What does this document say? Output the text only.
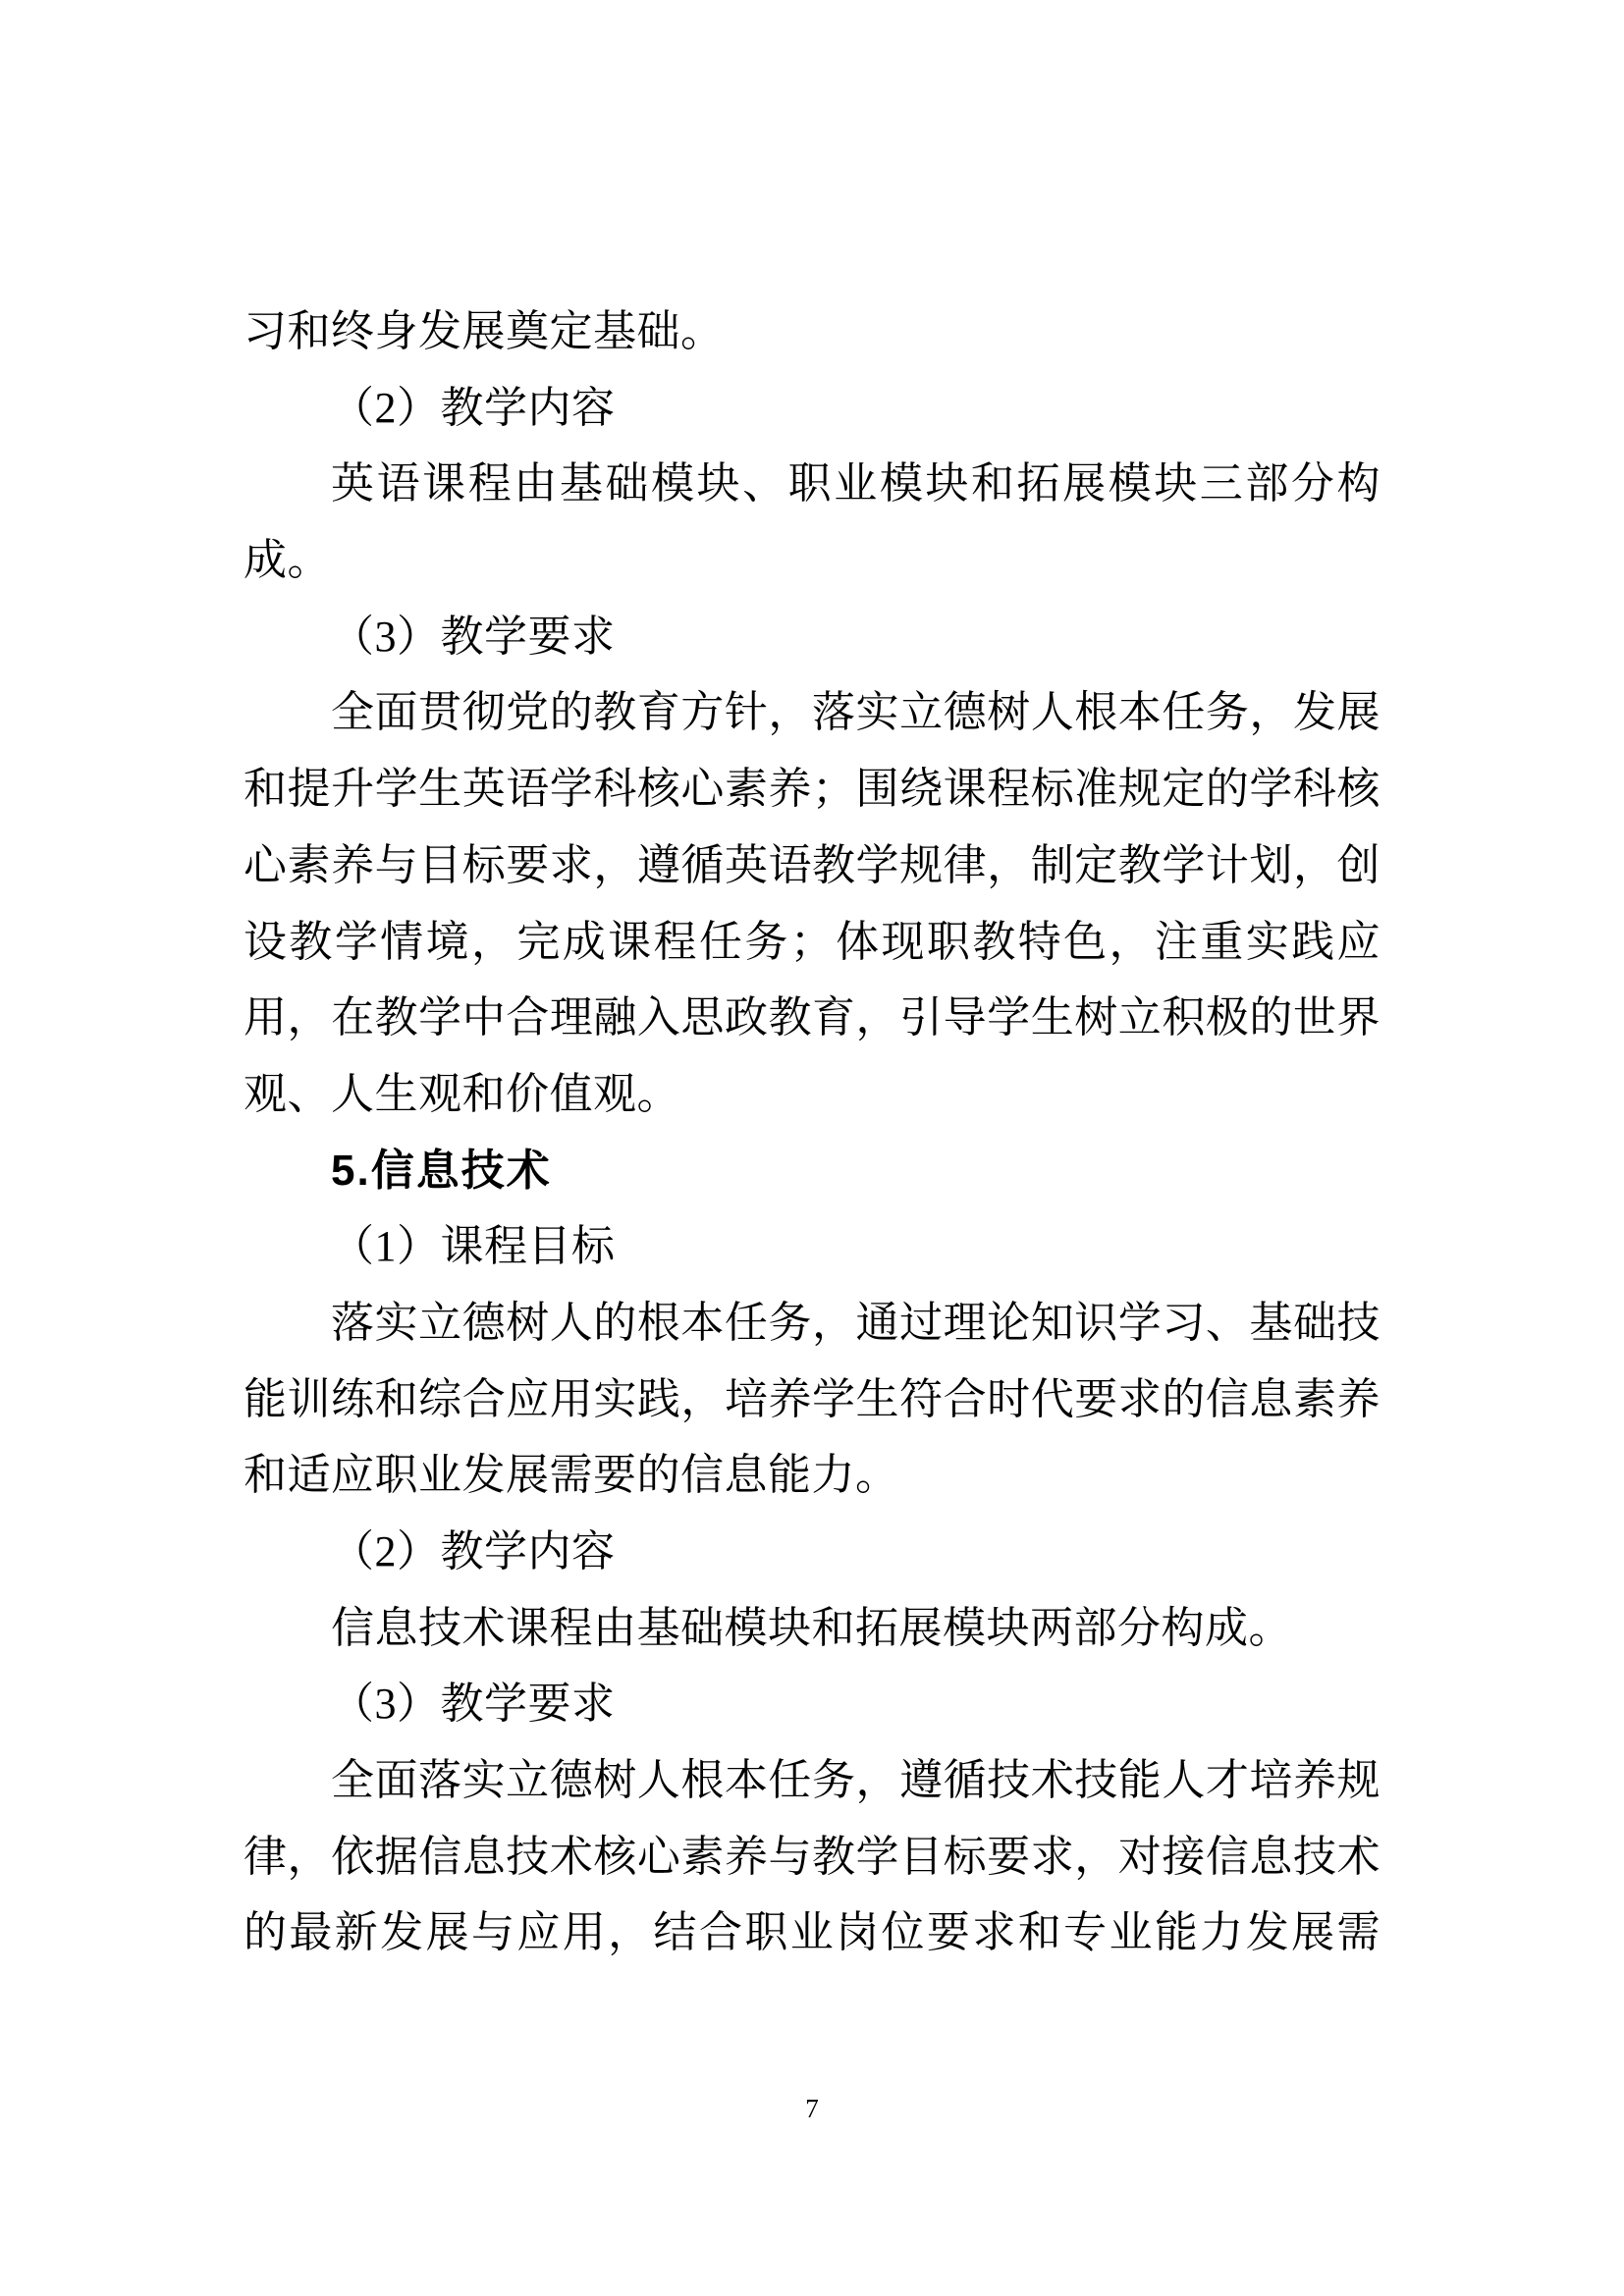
习和终身发展奠定基础。
（2）教学内容
英语课程由基础模块、职业模块和拓展模块三部分构
成。
（3）教学要求
全面贯彻党的教育方针，落实立德树人根本任务，发展
和提升学生英语学科核心素养；围绕课程标准规定的学科核
心素养与目标要求，遵循英语教学规律，制定教学计划，创
设教学情境，完成课程任务；体现职教特色，注重实践应
用，在教学中合理融入思政教育，引导学生树立积极的世界
观、人生观和价值观。
5.信息技术
（1）课程目标
落实立德树人的根本任务，通过理论知识学习、基础技
能训练和综合应用实践，培养学生符合时代要求的信息素养
和适应职业发展需要的信息能力。
（2）教学内容
信息技术课程由基础模块和拓展模块两部分构成。
（3）教学要求
全面落实立德树人根本任务，遵循技术技能人才培养规
律，依据信息技术核心素养与教学目标要求，对接信息技术
的最新发展与应用，结合职业岗位要求和专业能力发展需
7
